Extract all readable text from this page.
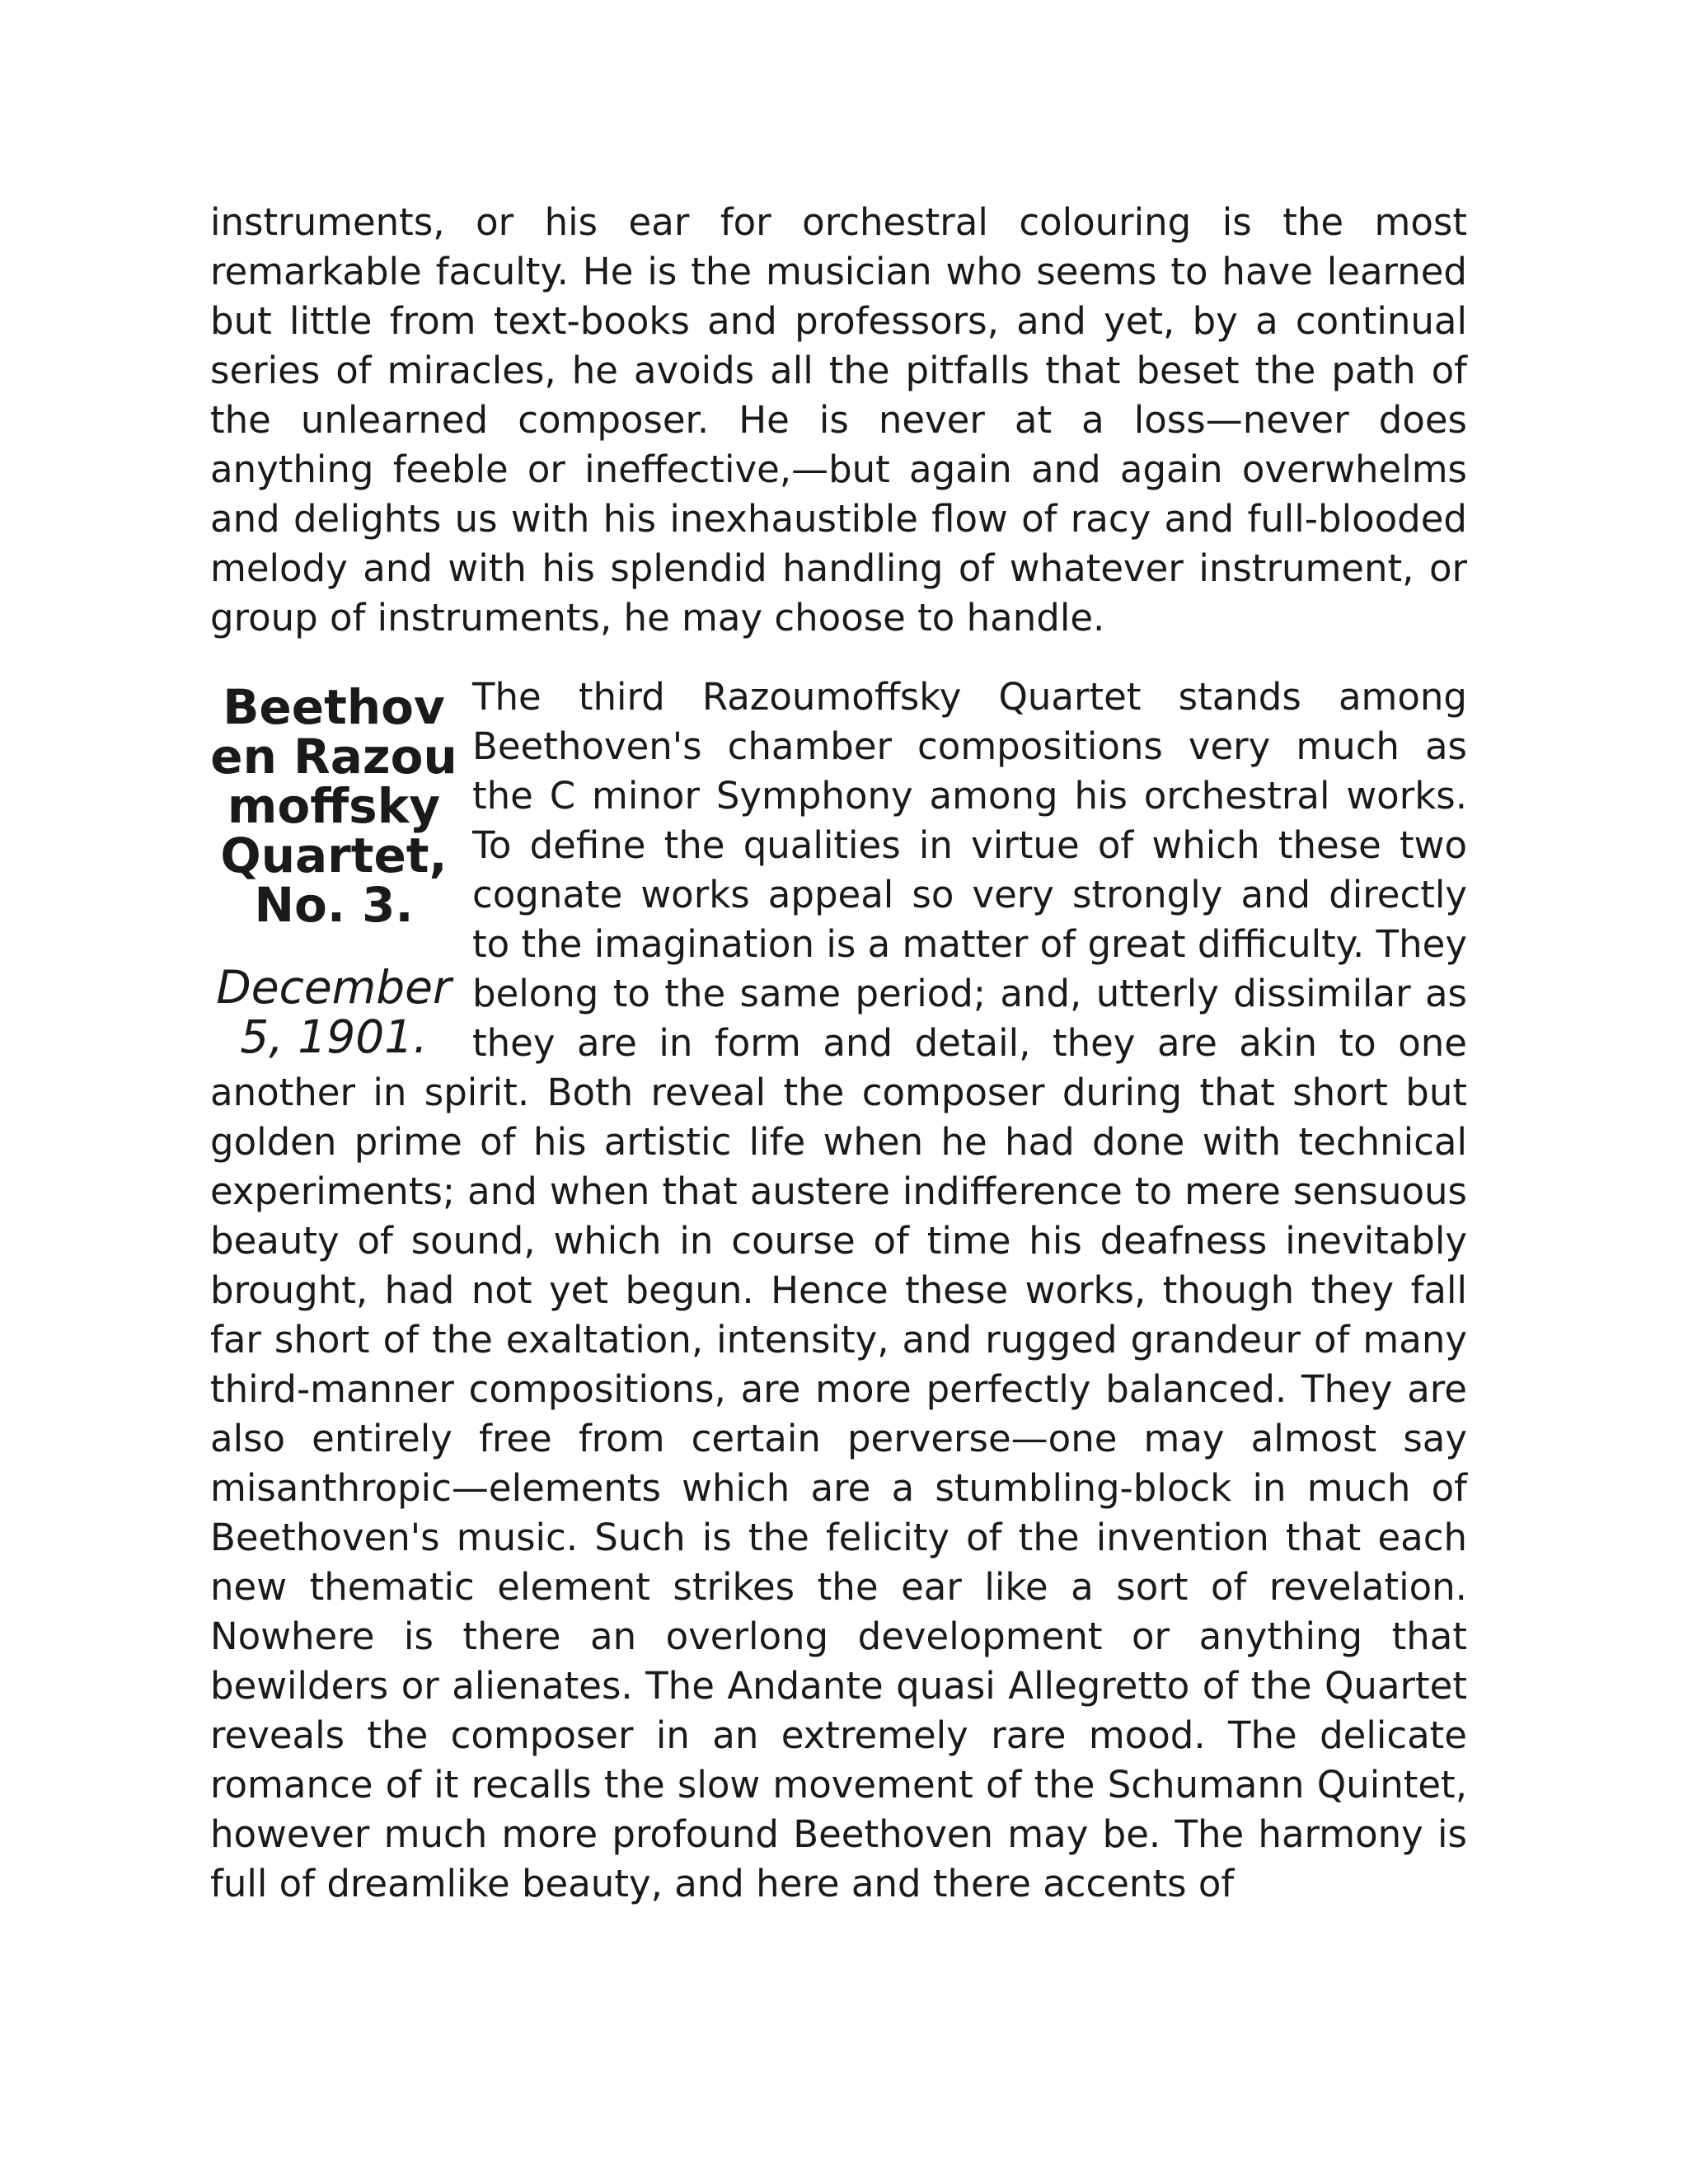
instruments, or his ear for orchestral colouring is the most remarkable faculty. He is the musician who seems to have learned but little from text-books and professors, and yet, by a continual series of miracles, he avoids all the pitfalls that beset the path of the unlearned composer. He is never at a loss—never does anything feeble or ineffective,—but again and again overwhelms and delights us with his inexhaustible flow of racy and full-blooded melody and with his splendid handling of whatever instrument, or group of instruments, he may choose to handle.

Beethoven Razoumoffsky Quartet, No. 3.

December 5, 1901.

The third Razoumoffsky Quartet stands among Beethoven's chamber compositions very much as the C minor Symphony among his orchestral works. To define the qualities in virtue of which these two cognate works appeal so very strongly and directly to the imagination is a matter of great difficulty. They belong to the same period; and, utterly dissimilar as they are in form and detail, they are akin to one another in spirit. Both reveal the composer during that short but golden prime of his artistic life when he had done with technical experiments; and when that austere indifference to mere sensuous beauty of sound, which in course of time his deafness inevitably brought, had not yet begun. Hence these works, though they fall far short of the exaltation, intensity, and rugged grandeur of many third-manner compositions, are more perfectly balanced. They are also entirely free from certain perverse—one may almost say misanthropic—elements which are a stumbling-block in much of Beethoven's music. Such is the felicity of the invention that each new thematic element strikes the ear like a sort of revelation. Nowhere is there an overlong development or anything that bewilders or alienates. The Andante quasi Allegretto of the Quartet reveals the composer in an extremely rare mood. The delicate romance of it recalls the slow movement of the Schumann Quintet, however much more profound Beethoven may be. The harmony is full of dreamlike beauty, and here and there accents of
